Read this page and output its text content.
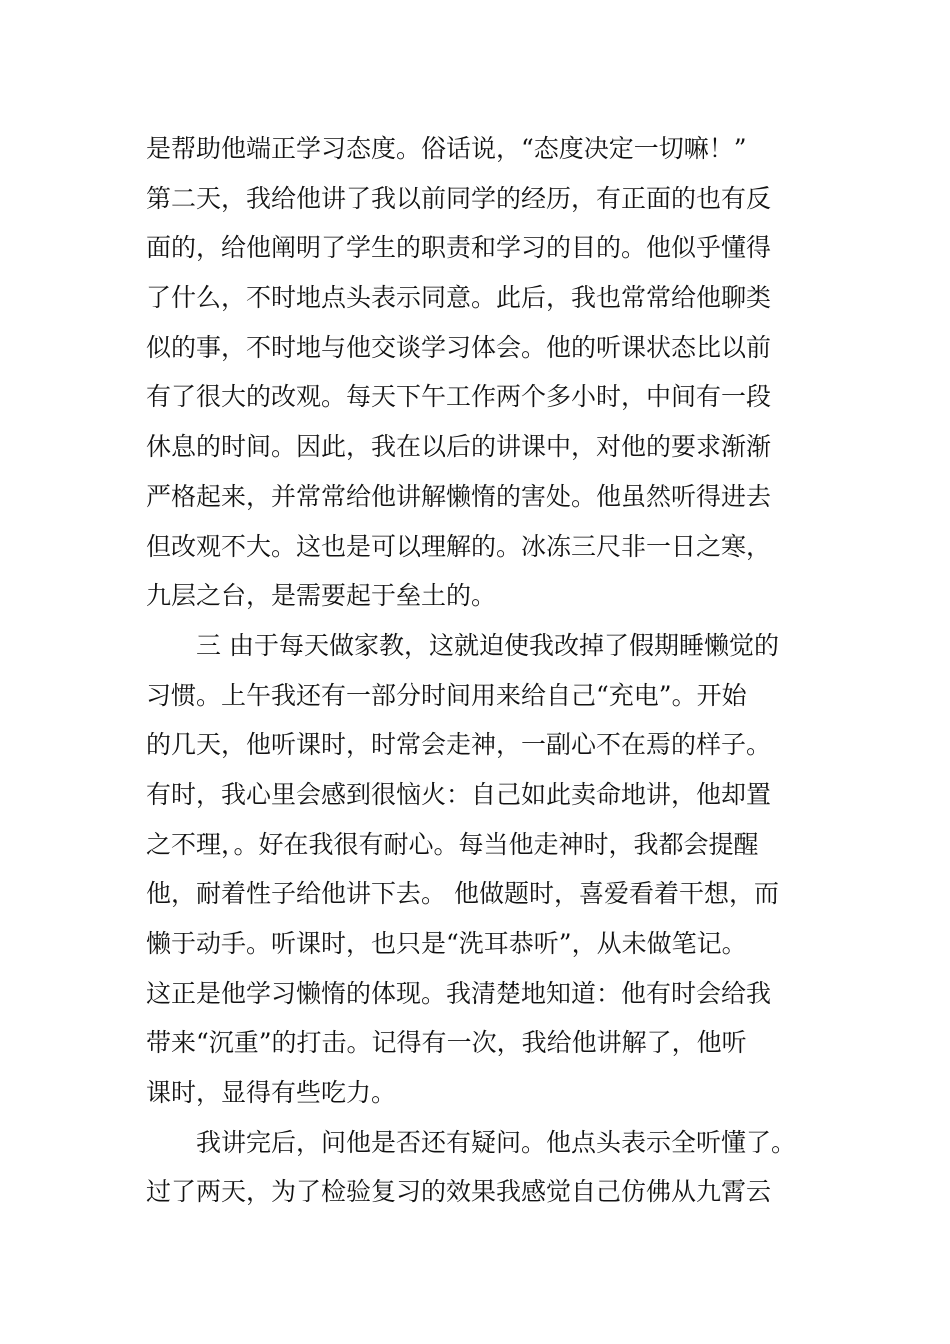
是帮助他端正学习态度。俗话说，“态度决定一切嘛！”
第二天，我给他讲了我以前同学的经历，有正面的也有反
面的，给他阐明了学生的职责和学习的目的。他似乎懂得
了什么，不时地点头表示同意。此后，我也常常给他聊类
似的事，不时地与他交谈学习体会。他的听课状态比以前
有了很大的改观。每天下午工作两个多小时，中间有一段
休息的时间。因此，我在以后的讲课中，对他的要求渐渐
严格起来，并常常给他讲解懒惰的害处。他虽然听得进去
但改观不大。这也是可以理解的。冰冻三尺非一日之寒，
九层之台，是需要起于垒土的。
　　三 由于每天做家教，这就迫使我改掉了假期睡懒觉的
习惯。上午我还有一部分时间用来给自己“充电”。开始
的几天，他听课时，时常会走神，一副心不在焉的样子。
有时，我心里会感到很恼火：自己如此卖命地讲，他却置
之不理，。好在我很有耐心。每当他走神时，我都会提醒
他，耐着性子给他讲下去。 他做题时，喜爱看着干想，而
懒于动手。听课时，也只是“洗耳恭听”，从未做笔记。
这正是他学习懒惰的体现。我清楚地知道：他有时会给我
带来“沉重”的打击。记得有一次，我给他讲解了，他听
课时，显得有些吃力。
　　我讲完后，问他是否还有疑问。他点头表示全听懂了。
过了两天，为了检验复习的效果我感觉自己仿佛从九霄云
